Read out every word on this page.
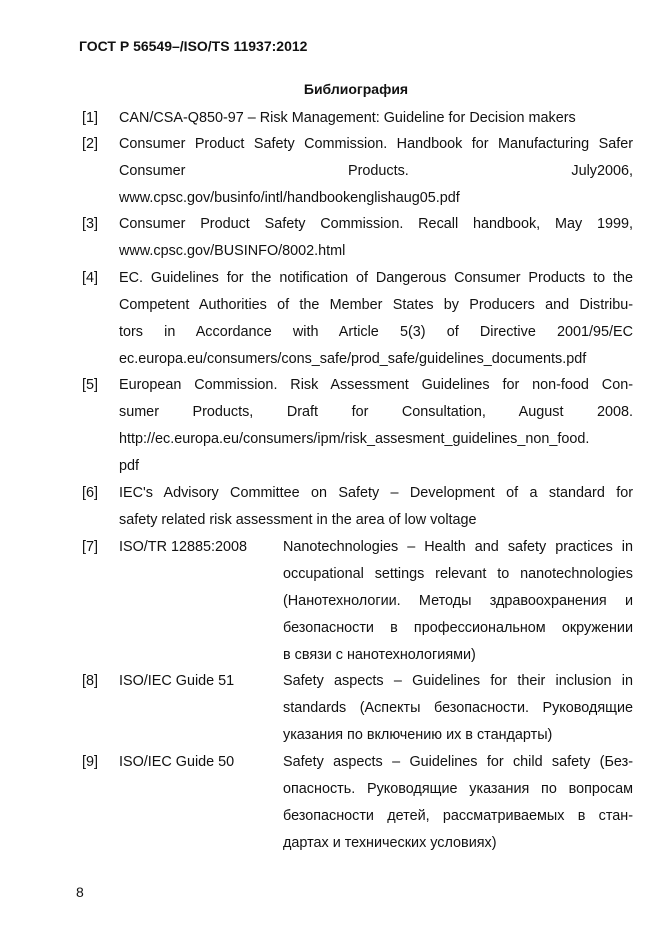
ГОСТ Р 56549–/ISO/TS 11937:2012
Библиография
[1]	CAN/CSA-Q850-97 – Risk Management: Guideline for Decision makers
[2]	Consumer Product Safety Commission. Handbook for Manufacturing Safer
Consumer Products. July2006,
www.cpsc.gov/businfo/intl/handbookenglishaug05.pdf
[3]	Consumer Product Safety Commission. Recall handbook, May 1999,
www.cpsc.gov/BUSINFO/8002.html
[4]	EC. Guidelines for the notification of Dangerous Consumer Products to the
Competent Authorities of the Member States by Producers and Distribu-
tors in Accordance with Article 5(3) of Directive 2001/95/EC
ec.europa.eu/consumers/cons_safe/prod_safe/guidelines_documents.pdf
[5]	European Commission. Risk Assessment Guidelines for non-food Con-
sumer Products, Draft for Consultation, August 2008.
http://ec.europa.eu/consumers/ipm/risk_assesment_guidelines_non_food.
pdf
[6]	IEC's Advisory Committee on Safety – Development of a standard for
safety related risk assessment in the area of low voltage
[7]	ISO/TR 12885:2008	Nanotechnologies – Health and safety practices in
occupational settings relevant to nanotechnologies
(Нанотехнологии. Методы здравоохранения и
безопасности в профессиональном окружении
в связи с нанотехнологиями)
[8]	ISO/IEC Guide 51	Safety aspects – Guidelines for their inclusion in
standards (Аспекты безопасности. Руководящие
указания по включению их в стандарты)
[9]	ISO/IEC Guide 50	Safety aspects – Guidelines for child safety (Без-
опасность. Руководящие указания по вопросам
безопасности детей, рассматриваемых в стан-
дартах и технических условиях)
8
